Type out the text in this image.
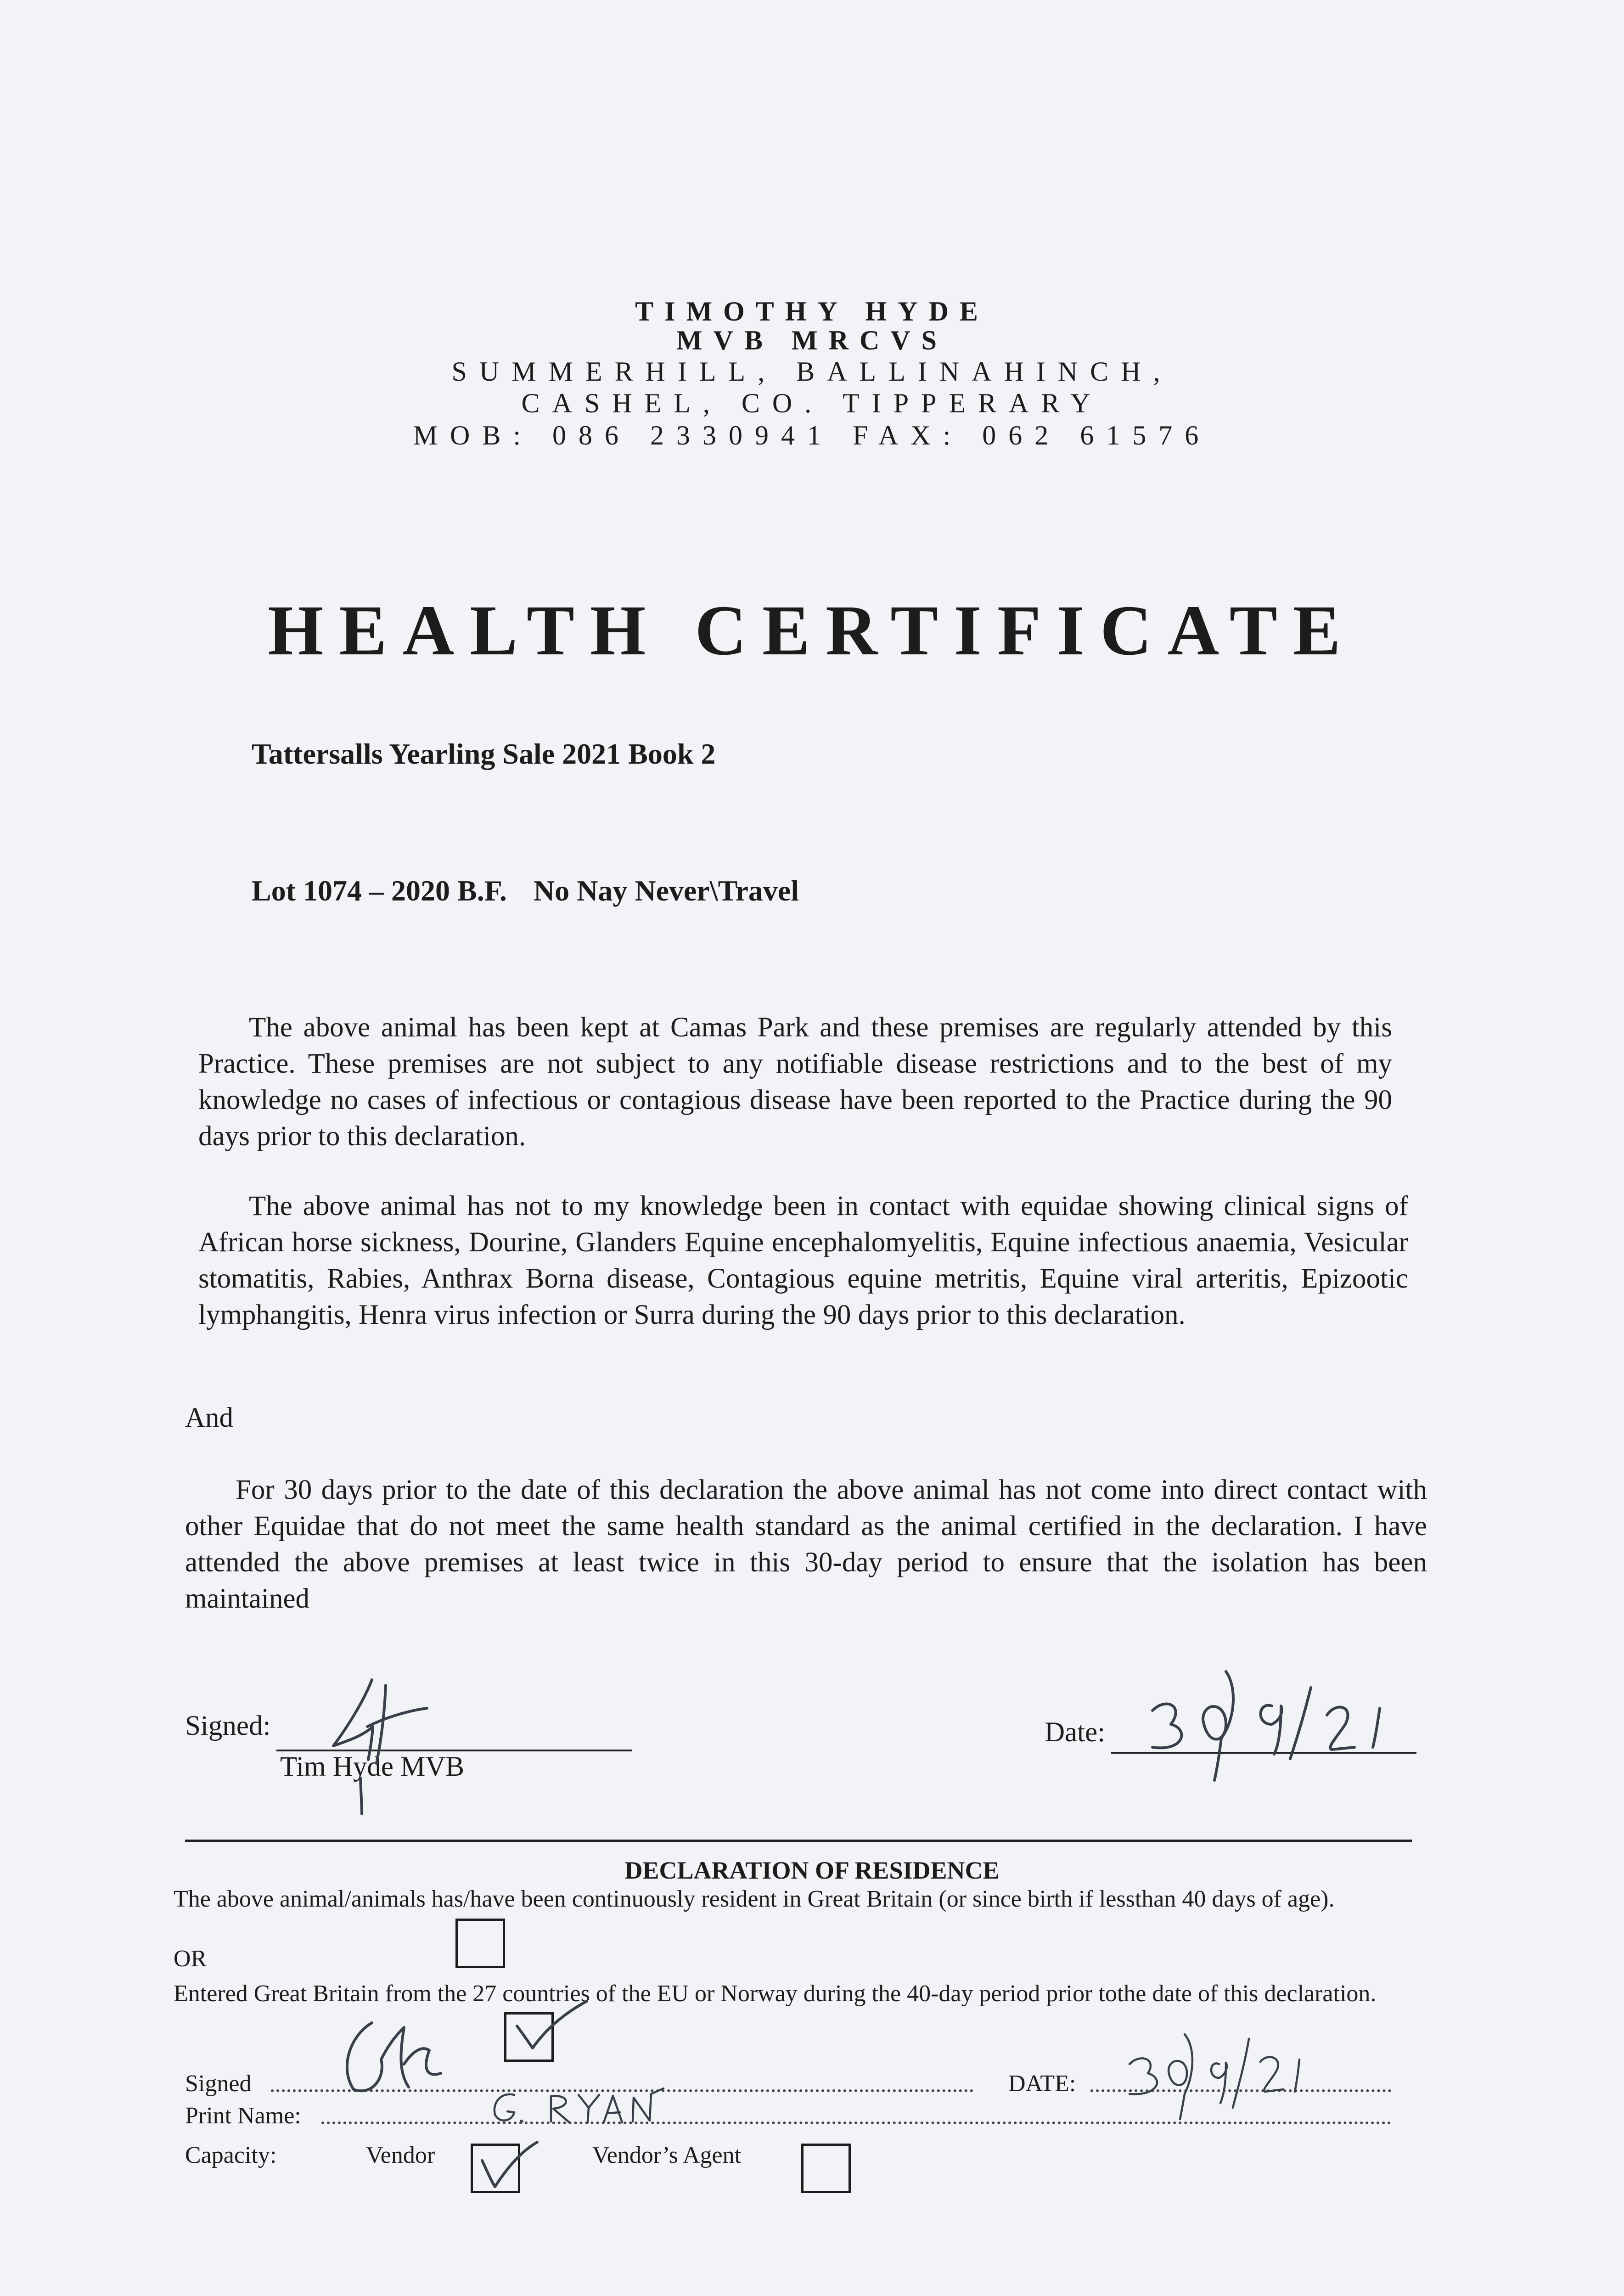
TIMOTHY HYDE
MVB MRCVS
SUMMERHILL, BALLINAHINCH,
CASHEL, CO. TIPPERARY
MOB: 086 2330941 FAX: 062 61576
HEALTH CERTIFICATE
Tattersalls Yearling Sale 2021 Book 2
Lot 1074 – 2020 B.F. No Nay Never\Travel
The above animal has been kept at Camas Park and these premises are regularly attended by this Practice. These premises are not subject to any notifiable disease restrictions and to the best of my knowledge no cases of infectious or contagious disease have been reported to the Practice during the 90 days prior to this declaration.
The above animal has not to my knowledge been in contact with equidae showing clinical signs of African horse sickness, Dourine, Glanders Equine encephalomyelitis, Equine infectious anaemia, Vesicular stomatitis, Rabies, Anthrax Borna disease, Contagious equine metritis, Equine viral arteritis, Epizootic lymphangitis, Henra virus infection or Surra during the 90 days prior to this declaration.
And
For 30 days prior to the date of this declaration the above animal has not come into direct contact with other Equidae that do not meet the same health standard as the animal certified in the declaration. I have attended the above premises at least twice in this 30-day period to ensure that the isolation has been maintained
Signed:
Tim Hyde MVB
Date:
DECLARATION OF RESIDENCE
The above animal/animals has/have been continuously resident in Great Britain (or since birth if lessthan 40 days of age).
OR
Entered Great Britain from the 27 countries of the EU or Norway during the 40-day period prior tothe date of this declaration.
Signed	DATE:
Print Name:
Capacity:	Vendor	Vendor’s Agent
